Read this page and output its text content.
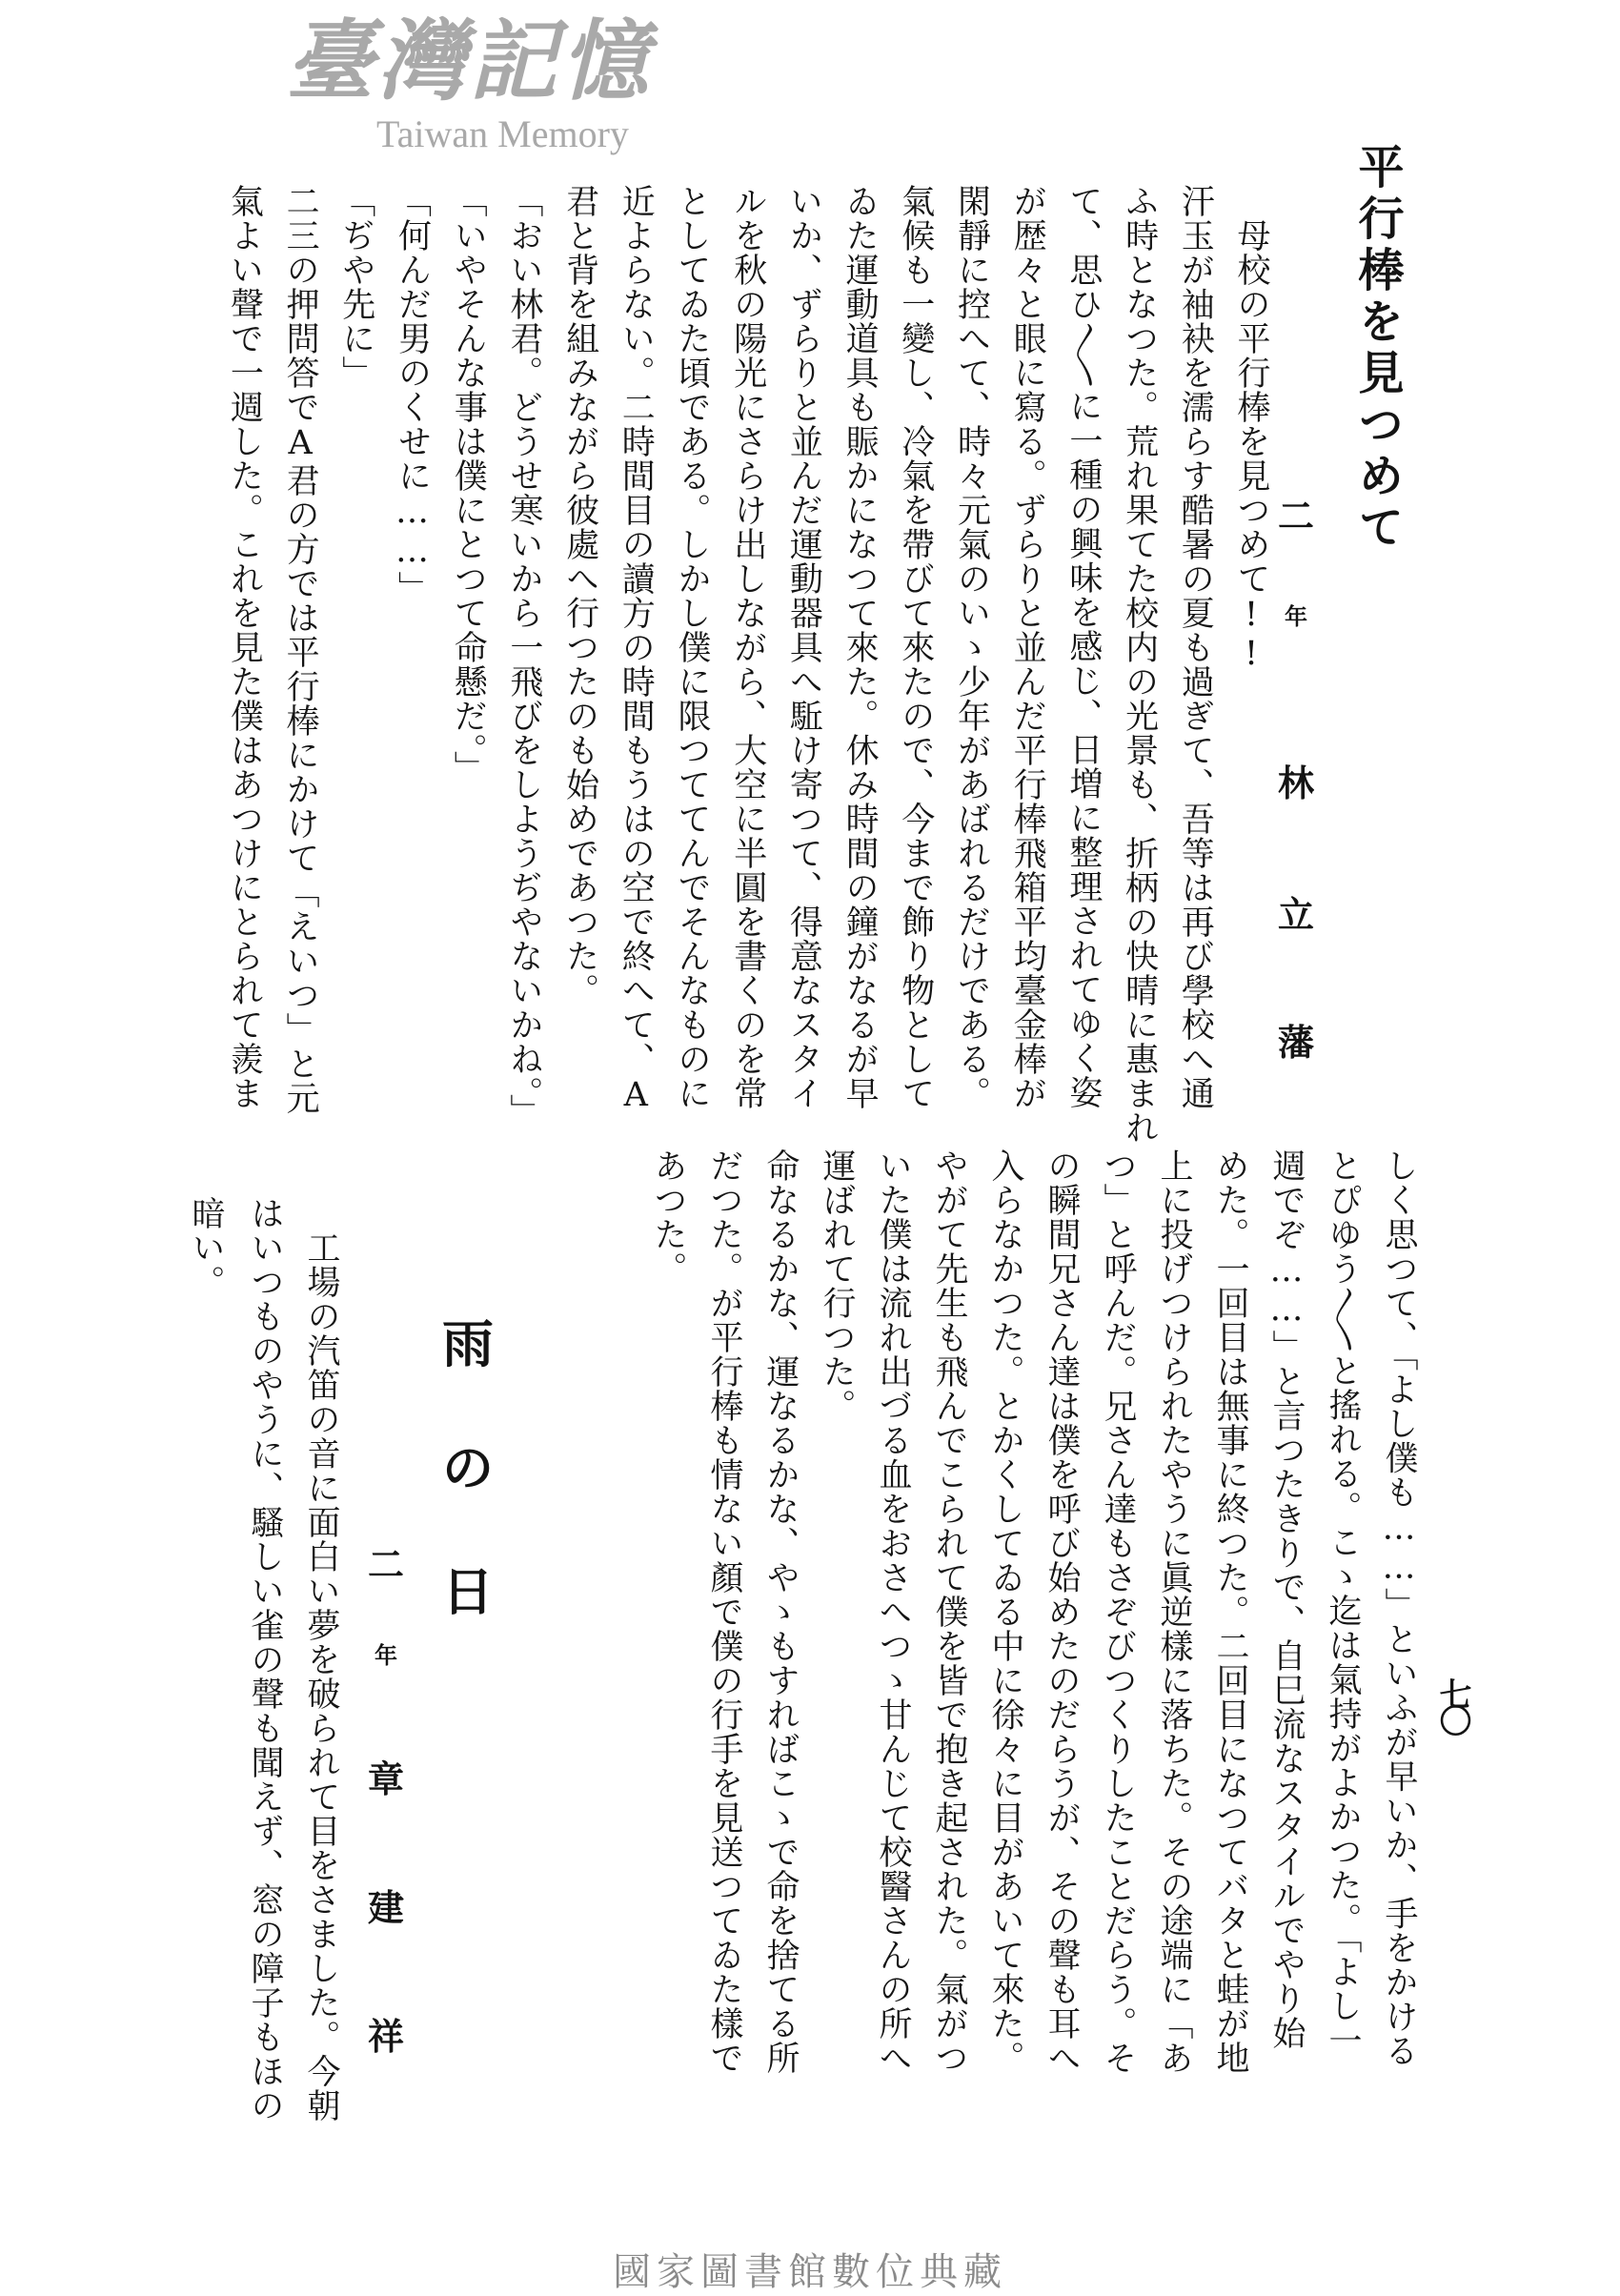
平行棒を見つめて
二
年
林
立
藩
母校の平行棒を見つめて!!
汗玉が袖袂を濡らす酷暑の夏も過ぎて、吾等は再び學校へ通
ふ時となつた。荒れ果てた校内の光景も、折柄の快晴に惠まれ
て、思ひ〳〵に一種の興味を感じ、日増に整理されてゆく姿
が歴々と眼に寫る。ずらりと並んだ平行棒飛箱平均臺金棒が
閑靜に控へて、時々元氣のいゝ少年があばれるだけである。
氣候も一變し、冷氣を帶びて來たので、今まで飾り物として
ゐた運動道具も賑かになつて來た。休み時間の鐘がなるが早
いか、ずらりと並んだ運動器具へ駈け寄つて、得意なスタイ
ルを秋の陽光にさらけ出しながら、大空に半圓を書くのを常
としてゐた頃である。しかし僕に限つててんでそんなものに
近よらない。二時間目の讀方の時間もうはの空で終へて、A
君と背を組みながら彼處へ行つたのも始めであつた。
「おい林君。どうせ寒いから一飛びをしようぢやないかね。」
「いやそんな事は僕にとつて命懸だ。」
「何んだ男のくせに……」
「ぢや先に」
二三の押問答でA君の方では平行棒にかけて「えいつ」と元
氣よい聲で一週した。これを見た僕はあつけにとられて羨ま
しく思つて、「よし僕も……」といふが早いか、手をかける
とぴゆう〳〵と搖れる。こゝ迄は氣持がよかつた。「よし一
週でぞ……」と言つたきりで、自巳流なスタイルでやり始
めた。一回目は無事に終つた。二回目になつてバタと蛙が地
上に投げつけられたやうに眞逆樣に落ちた。その途端に「あ
つ」と呼んだ。兄さん達もさぞびつくりしたことだらう。そ
の瞬間兄さん達は僕を呼び始めたのだらうが、その聲も耳へ
入らなかつた。とかくしてゐる中に徐々に目があいて來た。
やがて先生も飛んでこられて僕を皆で抱き起された。氣がつ
いた僕は流れ出づる血をおさへつゝ甘んじて校醫さんの所へ
運ばれて行つた。
命なるかな、運なるかな、やゝもすればこゝで命を捨てる所
だつた。が平行棒も情ない顏で僕の行手を見送つてゐた樣で
あつた。
雨
の
日
二
年
章
建
祥
工場の汽笛の音に面白い夢を破られて目をさました。今朝
はいつものやうに、騷しい雀の聲も聞えず、窓の障子もほの
暗い。
七〇
臺灣記憶
Taiwan Memory
國家圖書館數位典藏
